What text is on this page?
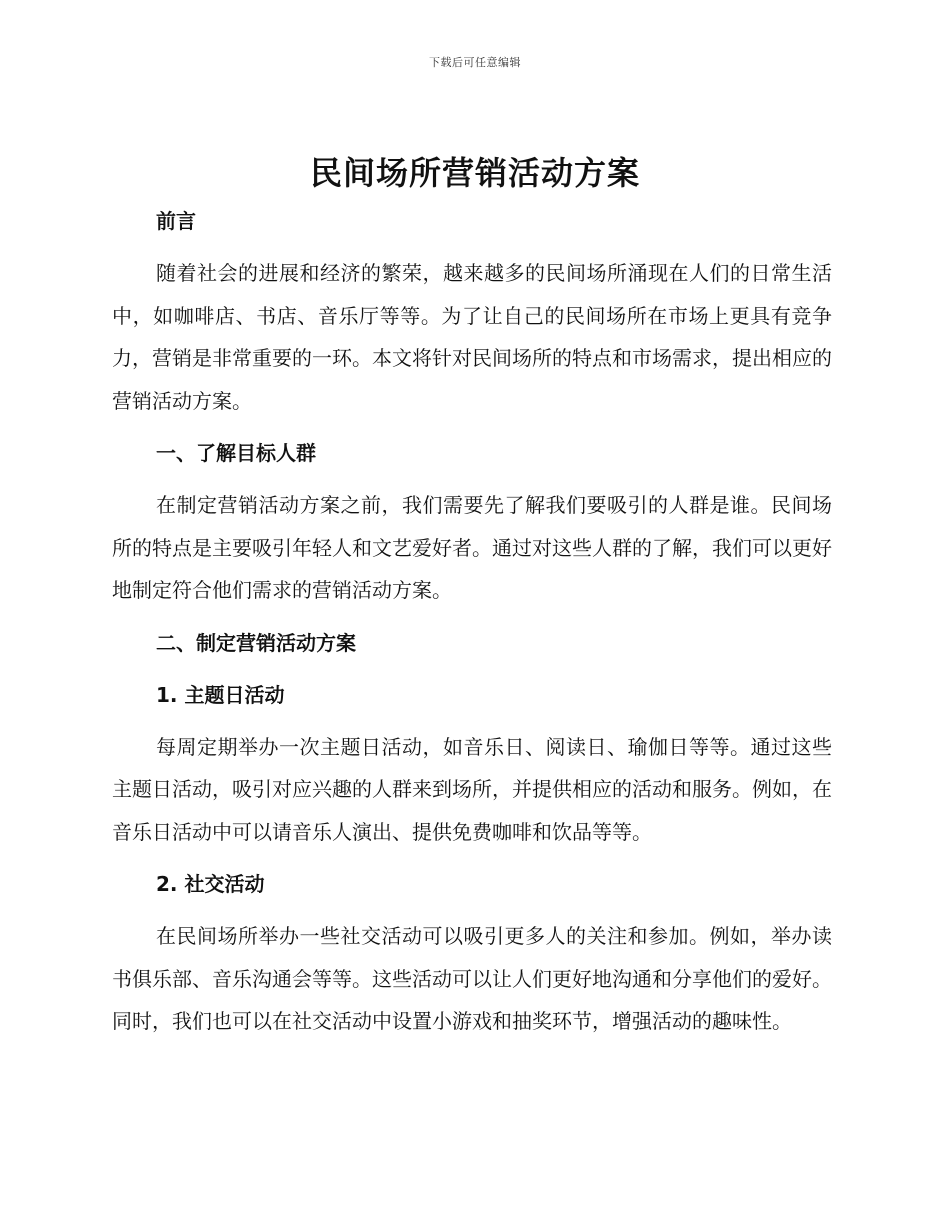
下载后可任意编辑
民间场所营销活动方案
前言

随着社会的进展和经济的繁荣，越来越多的民间场所涌现在人们的日常生活中，如咖啡店、书店、音乐厅等等。为了让自己的民间场所在市场上更具有竞争力，营销是非常重要的一环。本文将针对民间场所的特点和市场需求，提出相应的营销活动方案。

一、了解目标人群

在制定营销活动方案之前，我们需要先了解我们要吸引的人群是谁。民间场所的特点是主要吸引年轻人和文艺爱好者。通过对这些人群的了解，我们可以更好地制定符合他们需求的营销活动方案。

二、制定营销活动方案
1. 主题日活动

每周定期举办一次主题日活动，如音乐日、阅读日、瑜伽日等等。通过这些主题日活动，吸引对应兴趣的人群来到场所，并提供相应的活动和服务。例如，在音乐日活动中可以请音乐人演出、提供免费咖啡和饮品等等。

2. 社交活动

在民间场所举办一些社交活动可以吸引更多人的关注和参加。例如，举办读书俱乐部、音乐沟通会等等。这些活动可以让人们更好地沟通和分享他们的爱好。同时，我们也可以在社交活动中设置小游戏和抽奖环节，增强活动的趣味性。
